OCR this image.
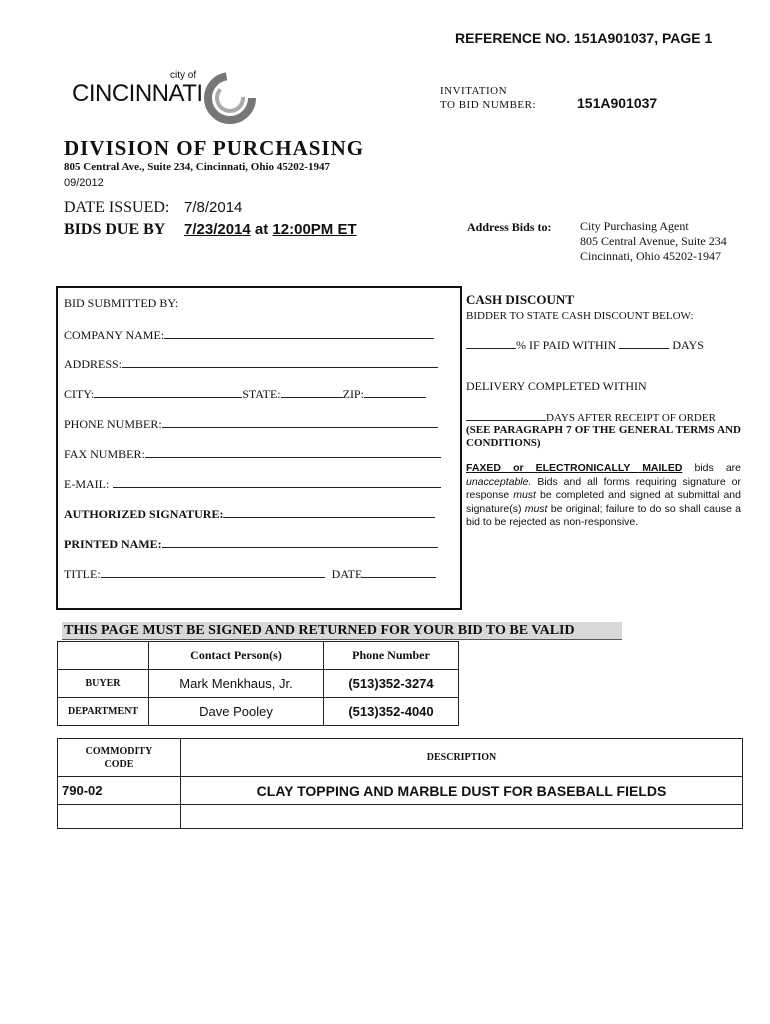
REFERENCE NO. 151A901037, PAGE 1
city of
CINCINNATI	INVITATION
TO BID NUMBER:	151A901037
DIVISION OF PURCHASING
805 Central Ave., Suite 234, Cincinnati, Ohio 45202-1947
09/2012
DATE ISSUED: 7/8/2014
BIDS DUE BY 7/23/2014 at 12:00PM ET	Address Bids to: City Purchasing Agent
805 Central Avenue, Suite 234
Cincinnati, Ohio 45202-1947
BID SUBMITTED BY:
COMPANY NAME:
ADDRESS:
CITY:	STATE:	ZIP:
PHONE NUMBER:
FAX NUMBER:
E-MAIL:
AUTHORIZED SIGNATURE:
PRINTED NAME:
TITLE:	DATE
CASH DISCOUNT
BIDDER TO STATE CASH DISCOUNT BELOW:
% IF PAID WITHIN	DAYS
DELIVERY COMPLETED WITHIN
DAYS AFTER RECEIPT OF ORDER
(SEE PARAGRAPH 7 OF THE GENERAL TERMS AND CONDITIONS)
FAXED or ELECTRONICALLY MAILED bids are unacceptable. Bids and all forms requiring signature or response must be completed and signed at submittal and signature(s) must be original; failure to do so shall cause a bid to be rejected as non-responsive.
THIS PAGE MUST BE SIGNED AND RETURNED FOR YOUR BID TO BE VALID
	Contact Person(s)	Phone Number
BUYER	Mark Menkhaus, Jr.	(513)352-3274
DEPARTMENT	Dave Pooley	(513)352-4040
COMMODITY CODE	DESCRIPTION
790-02	CLAY TOPPING AND MARBLE DUST FOR BASEBALL FIELDS
